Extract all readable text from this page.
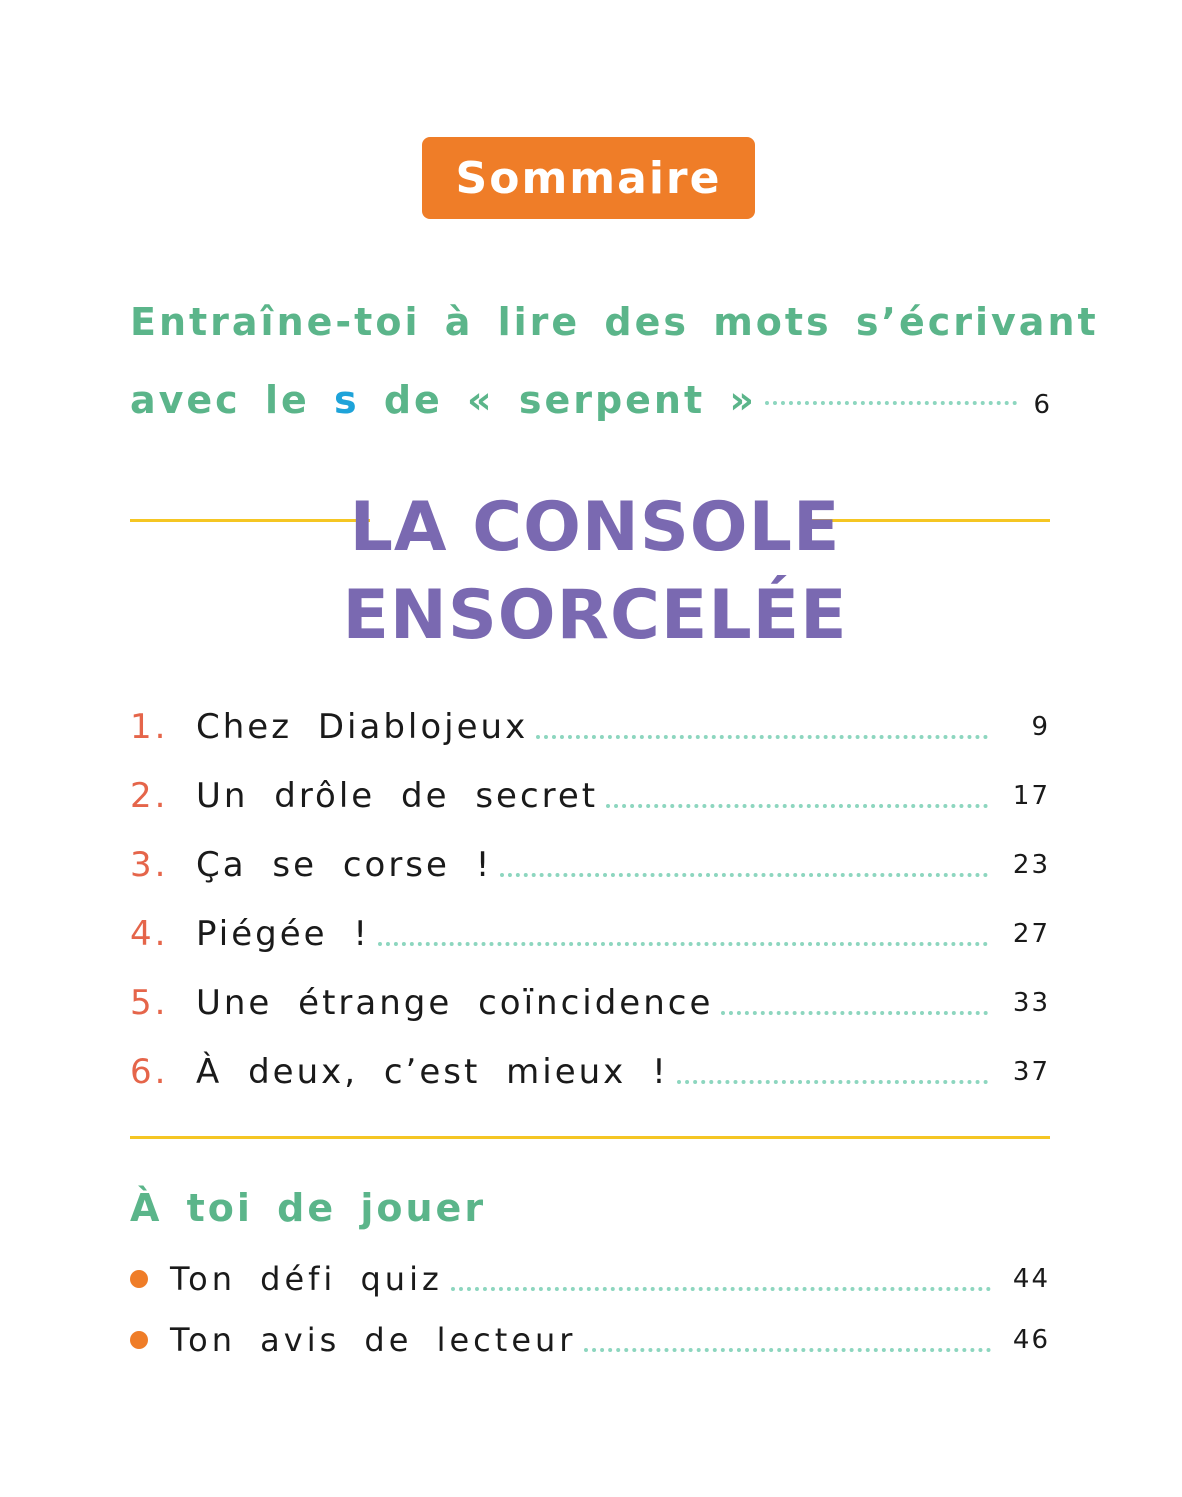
Sommaire
Entraîne-toi à lire des mots s’écrivant
avec le
s
de « serpent »	6
LA CONSOLE
ENSORCELÉE
1. Chez Diablojeux	9
2. Un drôle de secret	17
3. Ça se corse !	23
4. Piégée !	27
5. Une étrange coïncidence	33
6. À deux, c’est mieux !	37
À toi de jouer
Ton défi quiz	44
Ton avis de lecteur	46
